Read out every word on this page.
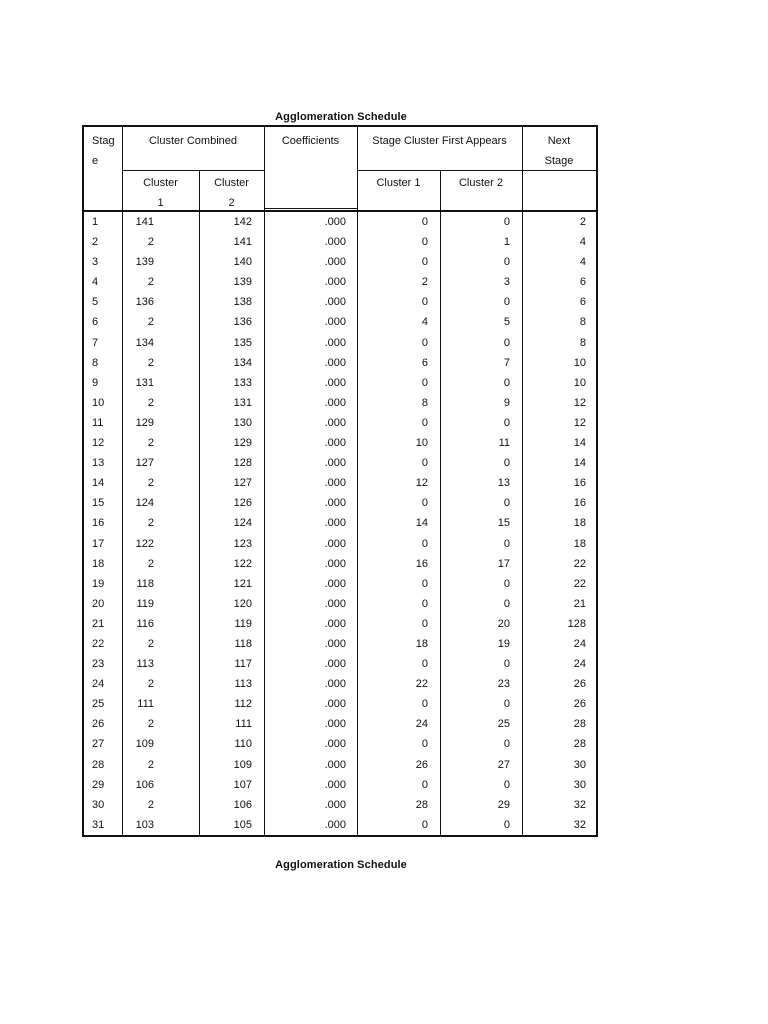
Agglomeration Schedule
Stag
e
Cluster Combined	Coefficients	Stage Cluster First Appears	Next
Stage
Cluster
1
Cluster
2
Cluster 1	Cluster 2
1	141	142	.000	0	0	2
2	2	141	.000	0	1	4
3	139	140	.000	0	0	4
4	2	139	.000	2	3	6
5	136	138	.000	0	0	6
6	2	136	.000	4	5	8
7	134	135	.000	0	0	8
8	2	134	.000	6	7	10
9	131	133	.000	0	0	10
10	2	131	.000	8	9	12
11	129	130	.000	0	0	12
12	2	129	.000	10	11	14
13	127	128	.000	0	0	14
14	2	127	.000	12	13	16
15	124	126	.000	0	0	16
16	2	124	.000	14	15	18
17	122	123	.000	0	0	18
18	2	122	.000	16	17	22
19	118	121	.000	0	0	22
20	119	120	.000	0	0	21
21	116	119	.000	0	20	128
22	2	118	.000	18	19	24
23	113	117	.000	0	0	24
24	2	113	.000	22	23	26
25	111	112	.000	0	0	26
26	2	111	.000	24	25	28
27	109	110	.000	0	0	28
28	2	109	.000	26	27	30
29	106	107	.000	0	0	30
30	2	106	.000	28	29	32
31	103	105	.000	0	0	32
Agglomeration Schedule
